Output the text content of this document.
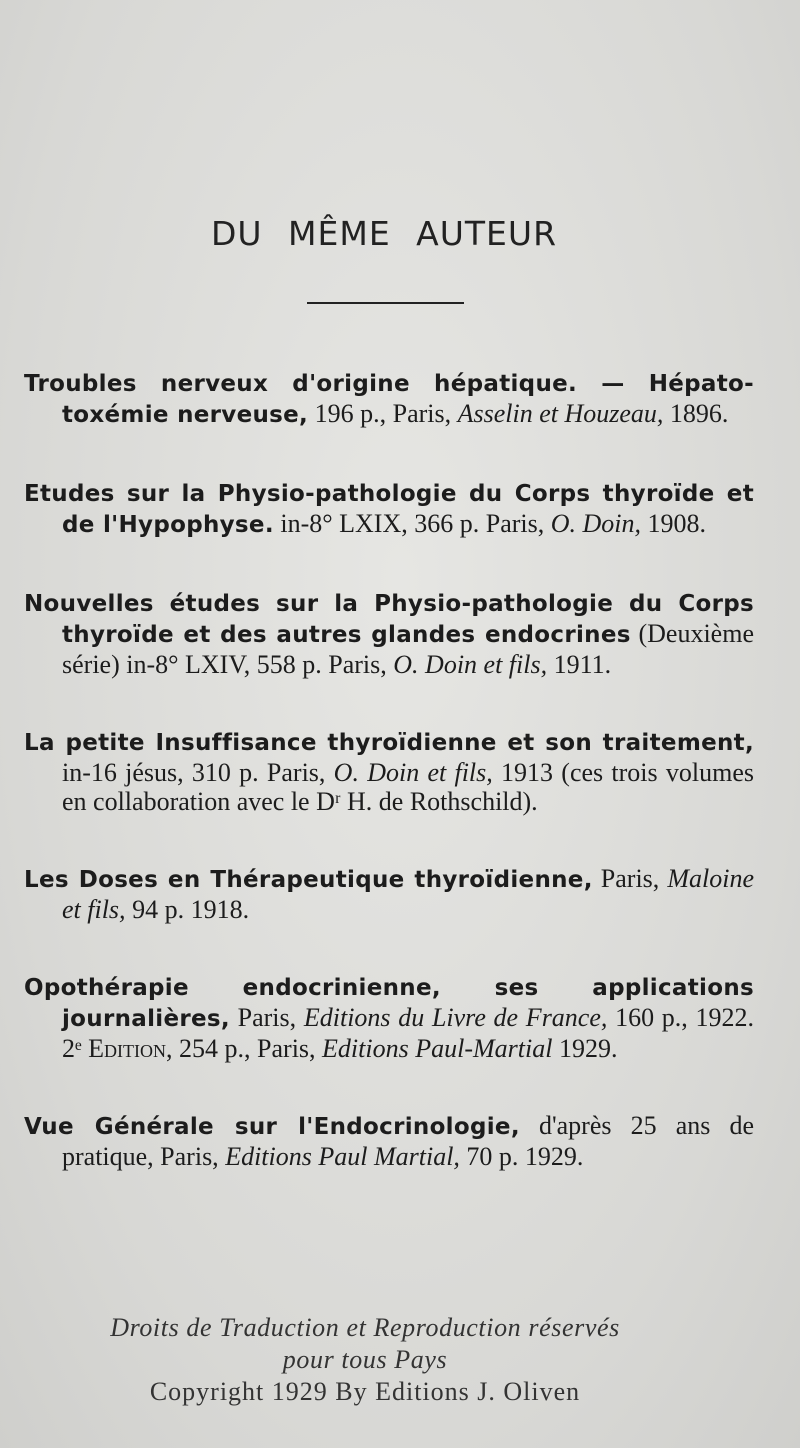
DU MÊME AUTEUR
Troubles nerveux d'origine hépatique. — Hépato-toxémie nerveuse, 196 p., Paris, Asselin et Houzeau, 1896.
Etudes sur la Physio-pathologie du Corps thyroïde et de l'Hypophyse. in-8° LXIX, 366 p. Paris, O. Doin, 1908.
Nouvelles études sur la Physio-pathologie du Corps thyroïde et des autres glandes endocrines (Deuxième série) in-8° LXIV, 558 p. Paris, O. Doin et fils, 1911.
La petite Insuffisance thyroïdienne et son traitement, in-16 jésus, 310 p. Paris, O. Doin et fils, 1913 (ces trois volumes en collaboration avec le Dʳ H. de Rothschild).
Les Doses en Thérapeutique thyroïdienne, Paris, Maloine et fils, 94 p. 1918.
Opothérapie endocrinienne, ses applications journalières, Paris, Editions du Livre de France, 160 p., 1922. 2ᵉ Edition, 254 p., Paris, Editions Paul-Martial 1929.
Vue Générale sur l'Endocrinologie, d'après 25 ans de pratique, Paris, Editions Paul Martial, 70 p. 1929.
Droits de Traduction et Reproduction réservés
pour tous Pays
Copyright 1929 By Editions J. Oliven
